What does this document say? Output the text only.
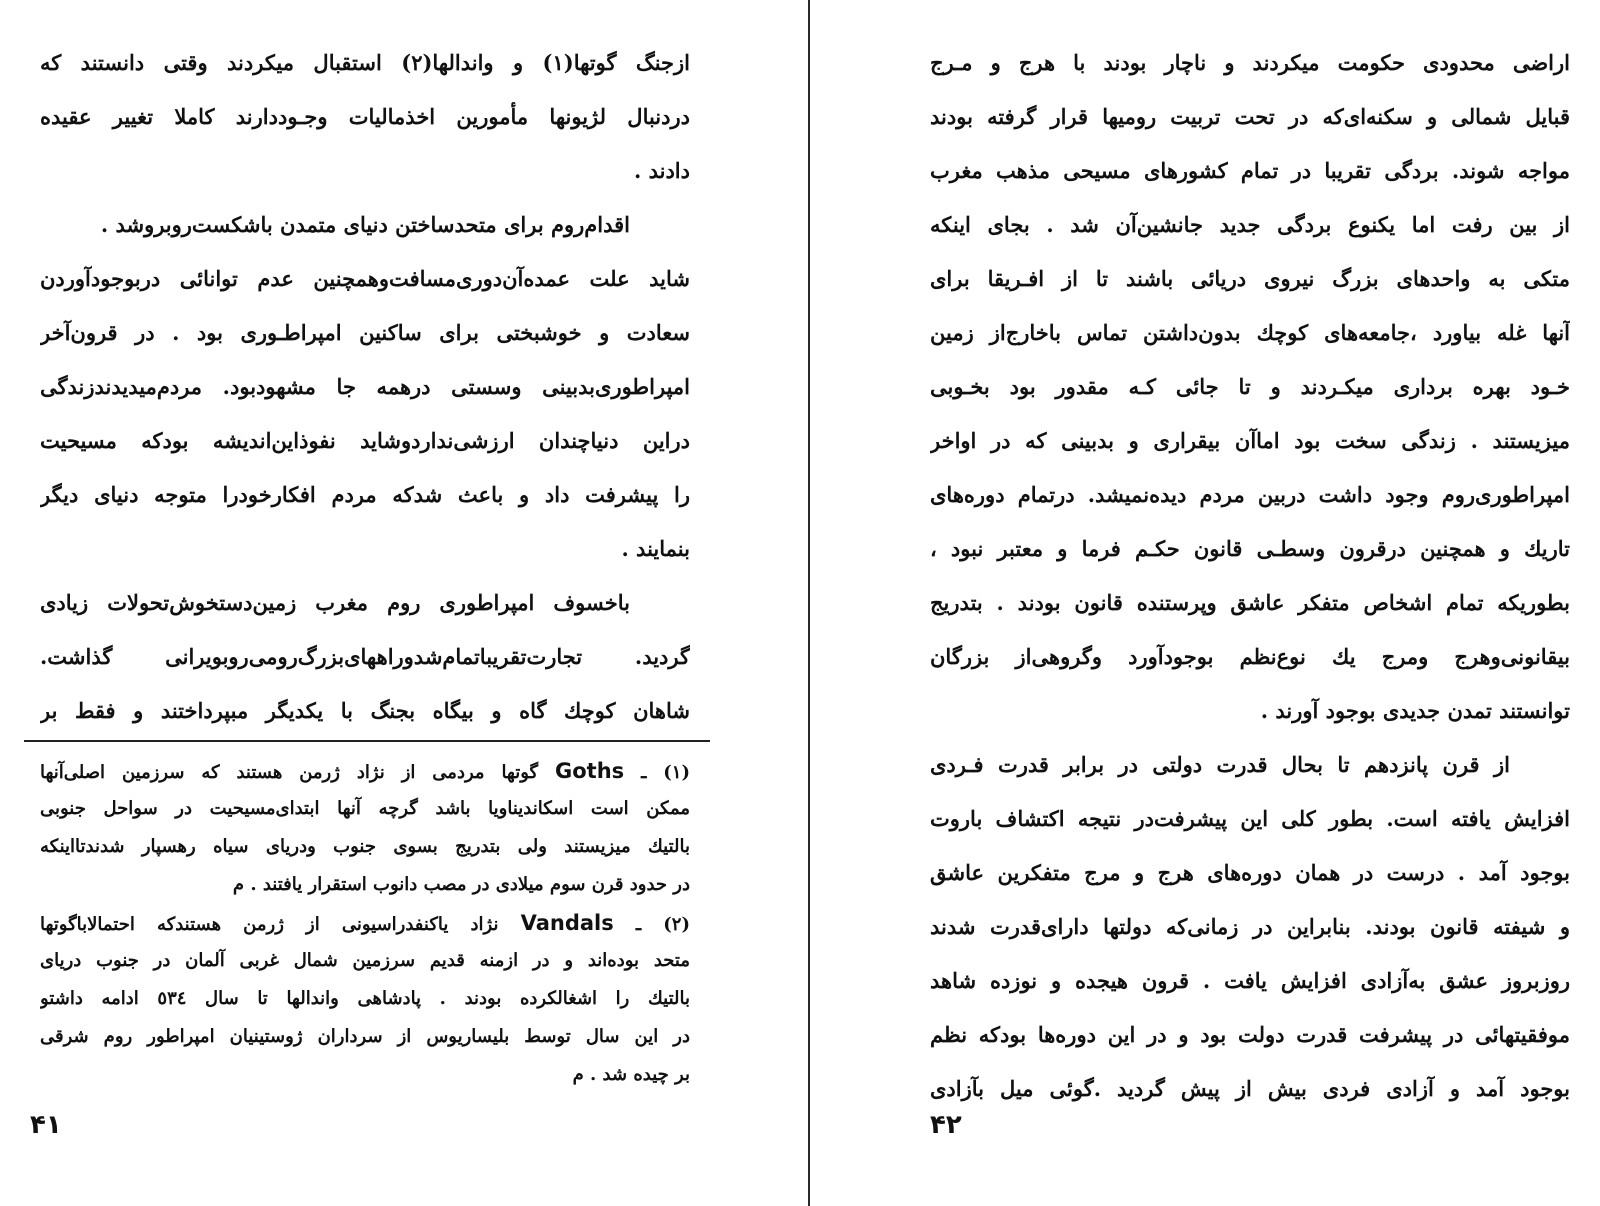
ازجنگ گوتها(۱) و واندالها(۲) استقبال میکردند وقتی دانستند که
دردنبال لژیونها مأمورین اخذمالیات وجـوددارند کاملا تغییر عقیده
دادند .
اقدام‌روم برای متحدساختن دنیای متمدن باشکست‌روبروشد .
شاید علت عمده‌آن‌دوری‌مسافت‌وهمچنین عدم توانائی دربوجودآوردن
سعادت و خوشبختی برای ساکنین امپراطـوری بود . در قرون‌آخر
امپراطوری‌بدبینی وسستی درهمه جا مشهودبود. مردم‌میدیدندزندگی
دراین دنیاچندان ارزشی‌نداردوشاید نفوذاین‌اندیشه بودکه مسیحیت
را پیشرفت داد و باعث شدکه مردم افکارخودرا متوجه دنیای دیگر
بنمایند .
باخسوف امپراطوری روم مغرب زمین‌دستخوش‌تحولات زیادی
گردید. تجارت‌تقریباتمام‌شدوراههای‌بزرگ‌رومی‌روبویرانی گذاشت.
شاهان کوچك گاه و بیگاه بجنگ با یکدیگر مبپرداختند و فقط بر
(۱) ـ Goths گوتها مردمی از نژاد ژرمن هستند که سرزمین اصلی‌آنها
ممکن است اسکاندیناویا باشد گرچه آنها ابتدای‌مسیحیت در سواحل جنوبی
بالتیك میزیستند ولی بتدریج بسوی جنوب ودریای سیاه رهسپار شدندتااینکه
در حدود قرن سوم میلادی در مصب دانوب استقرار یافتند . م
(۲) ـ Vandals نژاد یاکنفدراسیونی از ژرمن هستندکه احتمالاباگوتها
متحد بوده‌اند و در ازمنه قدیم سرزمین شمال غربی آلمان در جنوب دریای
بالتیك را اشغالکرده بودند . پادشاهی واندالها تا سال ٥٣٤ ادامه داشتو
در این سال توسط بلیساریوس از سرداران ژوستینیان امپراطور روم شرقی
بر چیده شد . م
۴۱
اراضی محدودی حکومت میکردند و ناچار بودند با هرج و مـرج
قبایل شمالی و سکنه‌ای‌که در تحت تربیت رومیها قرار گرفته بودند
مواجه شوند. بردگی تقریبا در تمام کشورهای مسیحی مذهب مغرب
از بین رفت اما یکنوع بردگی جدید جانشین‌آن شد . بجای اینکه
متکی به واحدهای بزرگ نیروی دریائی باشند تا از افـریقا برای
آنها غله بیاورد ،جامعه‌های کوچك بدون‌داشتن تماس باخارج‌از زمین
خـود بهره برداری میکـردند و تا جائی کـه مقدور بود بخـوبی
میزیستند . زندگی سخت بود اماآن بیقراری و بدبینی که در اواخر
امپراطوری‌روم وجود داشت دربین مردم دیده‌نمیشد. درتمام دوره‌های
تاریك و همچنین درقرون وسطـی قانون حکـم فرما و معتبر نبود ،
بطوریکه تمام اشخاص متفکر عاشق وپرستنده قانون بودند . بتدریج
بیقانونی‌وهرج ومرج یك نوع‌نظم بوجودآورد وگروهی‌از بزرگان
توانستند تمدن جدیدی بوجود آورند .
از قرن پانزدهم تا بحال قدرت دولتی در برابر قدرت فـردی
افزایش یافته است. بطور کلی این پیشرفت‌در نتیجه اکتشاف باروت
بوجود آمد . درست در همان دوره‌های هرج و مرج متفکرین عاشق
و شیفته قانون بودند. بنابراین در زمانی‌که دولتها دارای‌قدرت شدند
روزبروز عشق به‌آزادی افزایش یافت . قرون هیجده و نوزده شاهد
موفقیتهائی در پیشرفت قدرت دولت بود و در این دوره‌ها بودکه نظم
بوجود آمد و آزادی فردی بیش از پیش گردید .گوئی میل بآزادی
۴۲
